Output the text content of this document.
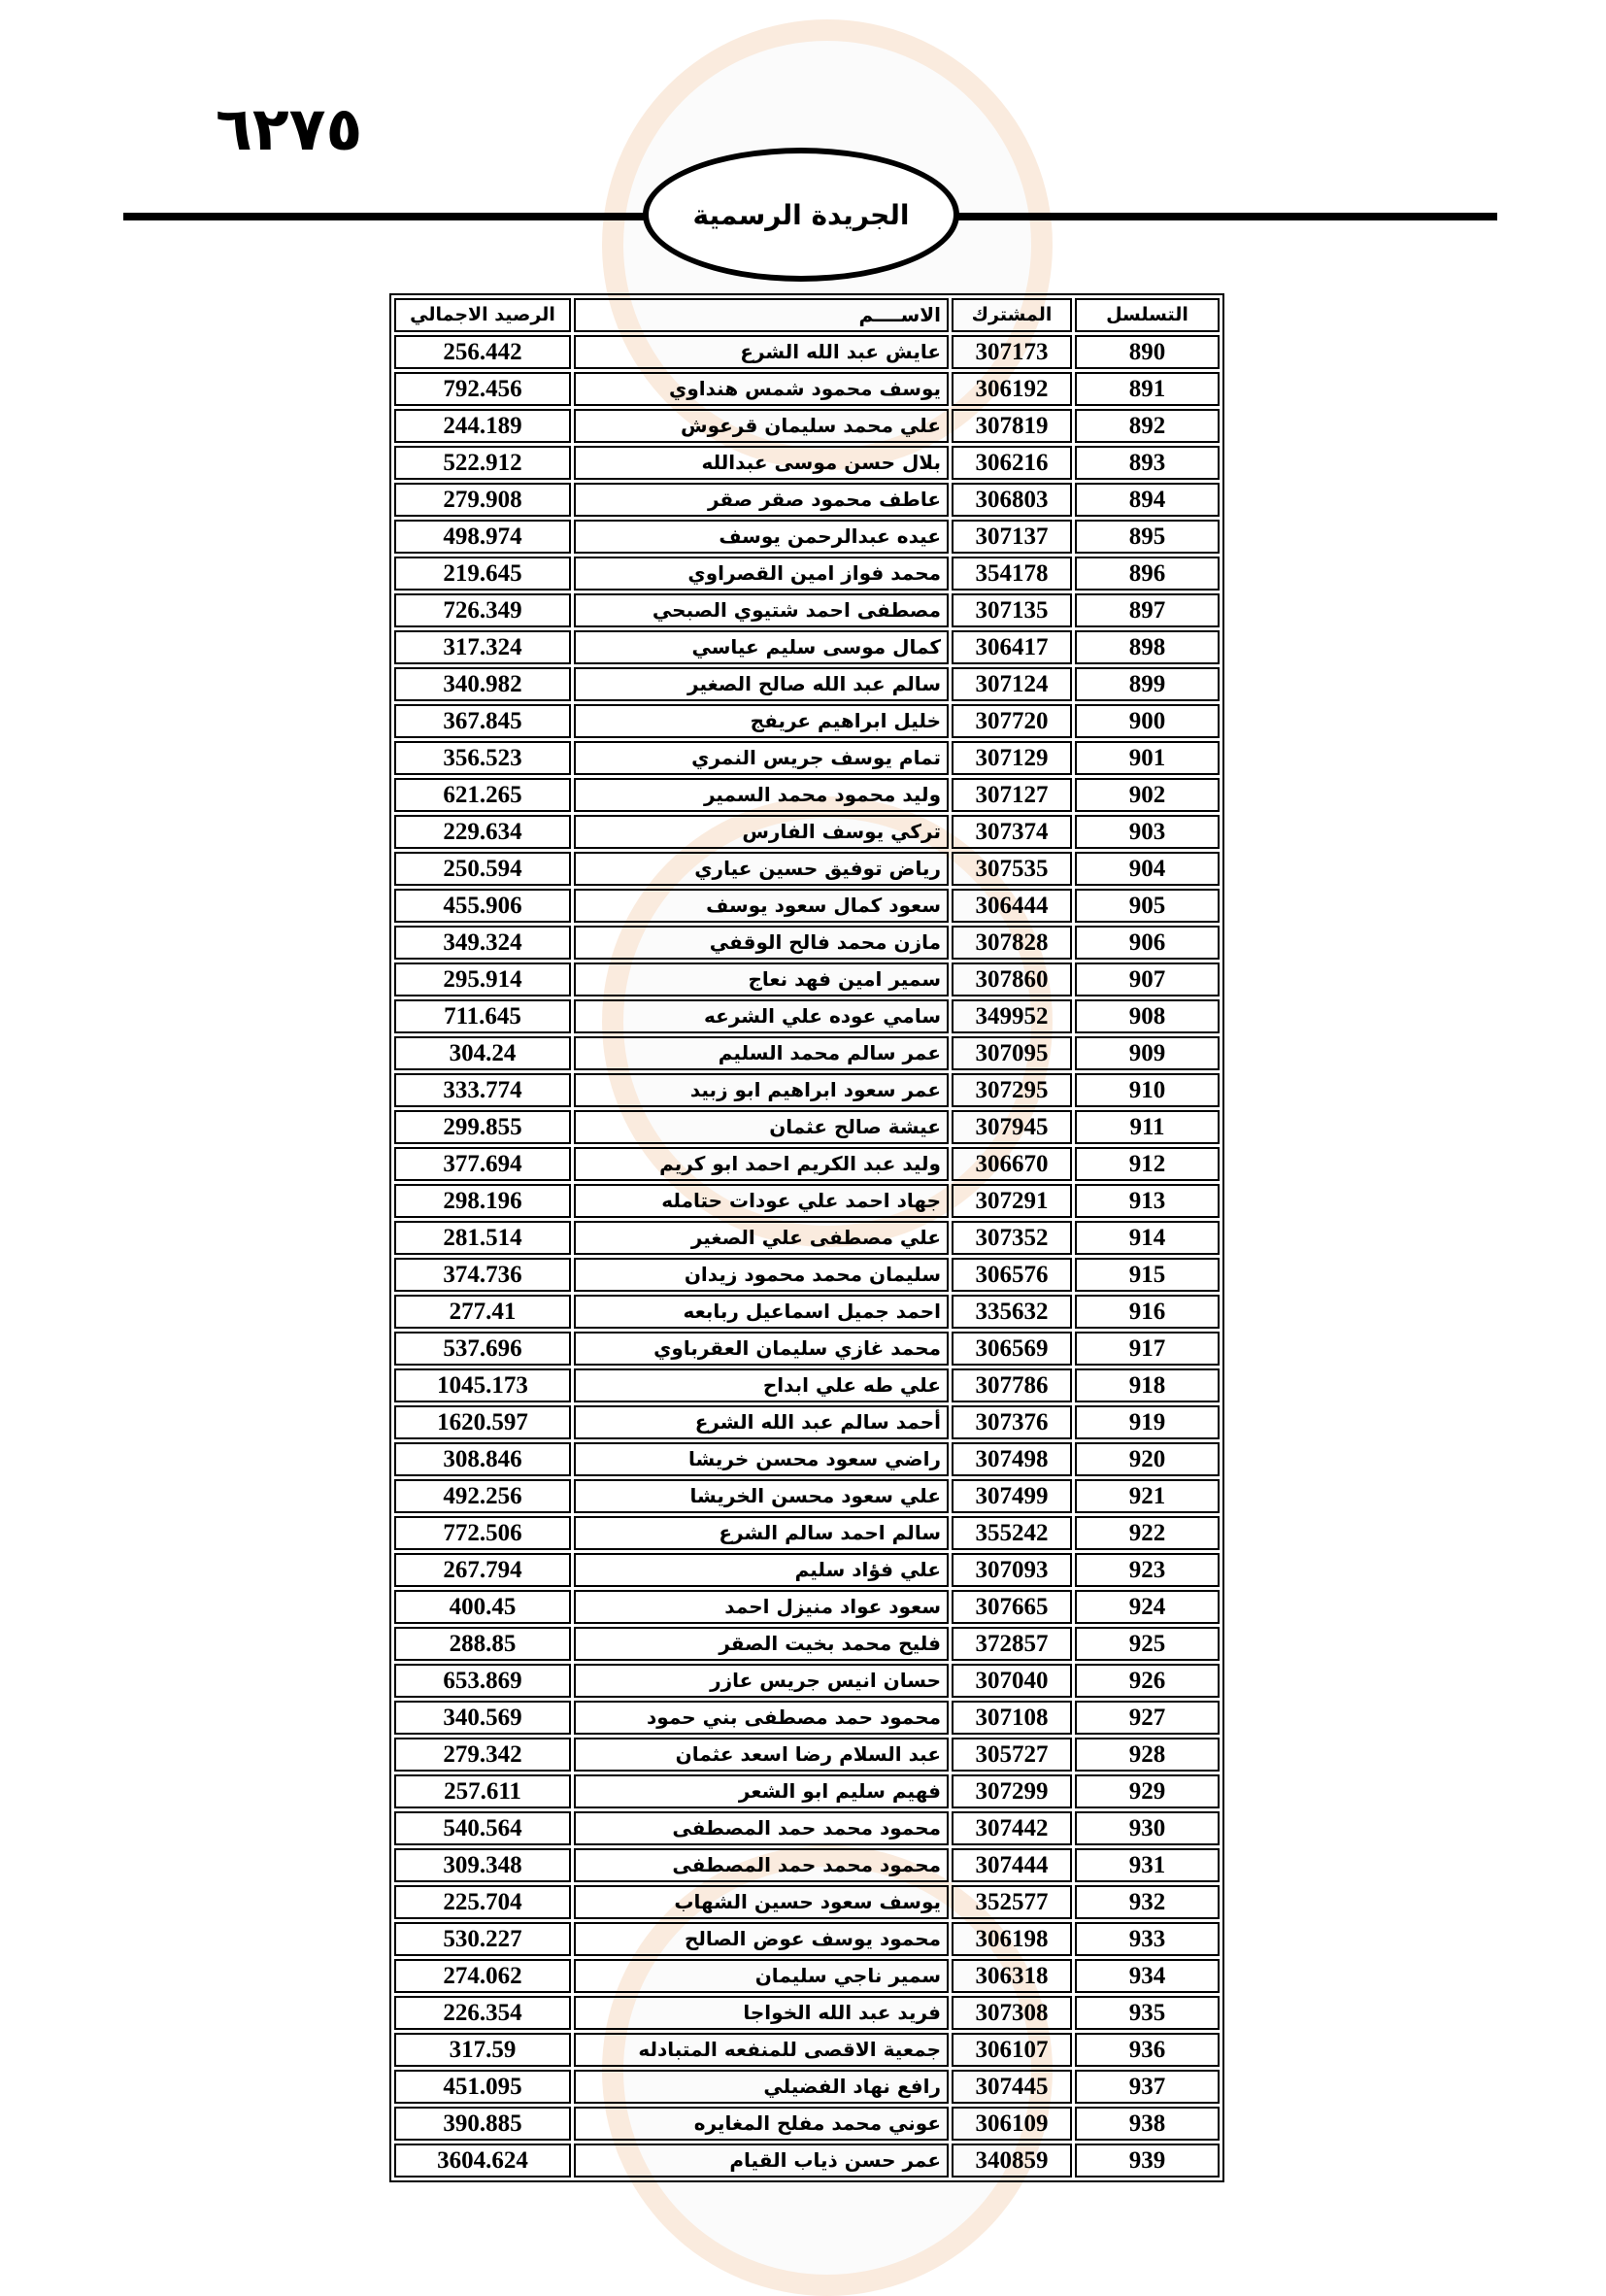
٦٢٧٥
الجريدة الرسمية
التسلسل	المشترك	الاســــم	الرصيد الاجمالي
890	307173	عايش عبد الله الشرع	256.442
891	306192	يوسف محمود شمس هنداوي	792.456
892	307819	علي محمد سليمان قرعوش	244.189
893	306216	بلال حسن موسى عبدالله	522.912
894	306803	عاطف محمود صقر صقر	279.908
895	307137	عيده عبدالرحمن يوسف	498.974
896	354178	محمد فواز امين القصراوي	219.645
897	307135	مصطفى احمد شتيوي الصبحي	726.349
898	306417	كمال موسى سليم عياسي	317.324
899	307124	سالم عبد الله صالح الصغير	340.982
900	307720	خليل ابراهيم عريفج	367.845
901	307129	تمام يوسف جريس النمري	356.523
902	307127	وليد محمود محمد السمير	621.265
903	307374	تركي يوسف الفارس	229.634
904	307535	رياض توفيق حسين عياري	250.594
905	306444	سعود كمال سعود يوسف	455.906
906	307828	مازن محمد فالح الوقفي	349.324
907	307860	سمير امين فهد نعاج	295.914
908	349952	سامي عوده علي الشرعه	711.645
909	307095	عمر سالم محمد السليم	304.24
910	307295	عمر سعود ابراهيم ابو زبيد	333.774
911	307945	عيشة صالح عثمان	299.855
912	306670	وليد عبد الكريم احمد ابو كريم	377.694
913	307291	جهاد احمد علي عودات حتامله	298.196
914	307352	علي مصطفى علي الصغير	281.514
915	306576	سليمان محمد محمود زيدان	374.736
916	335632	احمد جميل اسماعيل ربابعه	277.41
917	306569	محمد غازي سليمان العقرباوي	537.696
918	307786	علي طه علي ابداح	1045.173
919	307376	أحمد سالم عبد الله الشرع	1620.597
920	307498	راضي سعود محسن خريشا	308.846
921	307499	علي سعود محسن الخريشا	492.256
922	355242	سالم احمد سالم الشرع	772.506
923	307093	علي فؤاد سليم	267.794
924	307665	سعود عواد منيزل احمد	400.45
925	372857	فليح محمد بخيت الصقر	288.85
926	307040	حسان انيس جريس عازر	653.869
927	307108	محمود حمد مصطفى بني حمود	340.569
928	305727	عبد السلام رضا اسعد عثمان	279.342
929	307299	فهيم سليم ابو الشعر	257.611
930	307442	محمود محمد حمد المصطفى	540.564
931	307444	محمود محمد حمد المصطفى	309.348
932	352577	يوسف سعود حسين الشهاب	225.704
933	306198	محمود يوسف عوض الصالح	530.227
934	306318	سمير ناجي سليمان	274.062
935	307308	فريد عبد الله الخواجا	226.354
936	306107	جمعية الاقصى للمنفعه المتبادله	317.59
937	307445	رافع نهاد الفضيلي	451.095
938	306109	عوني محمد مفلح المغايره	390.885
939	340859	عمر حسن ذياب القيام	3604.624
